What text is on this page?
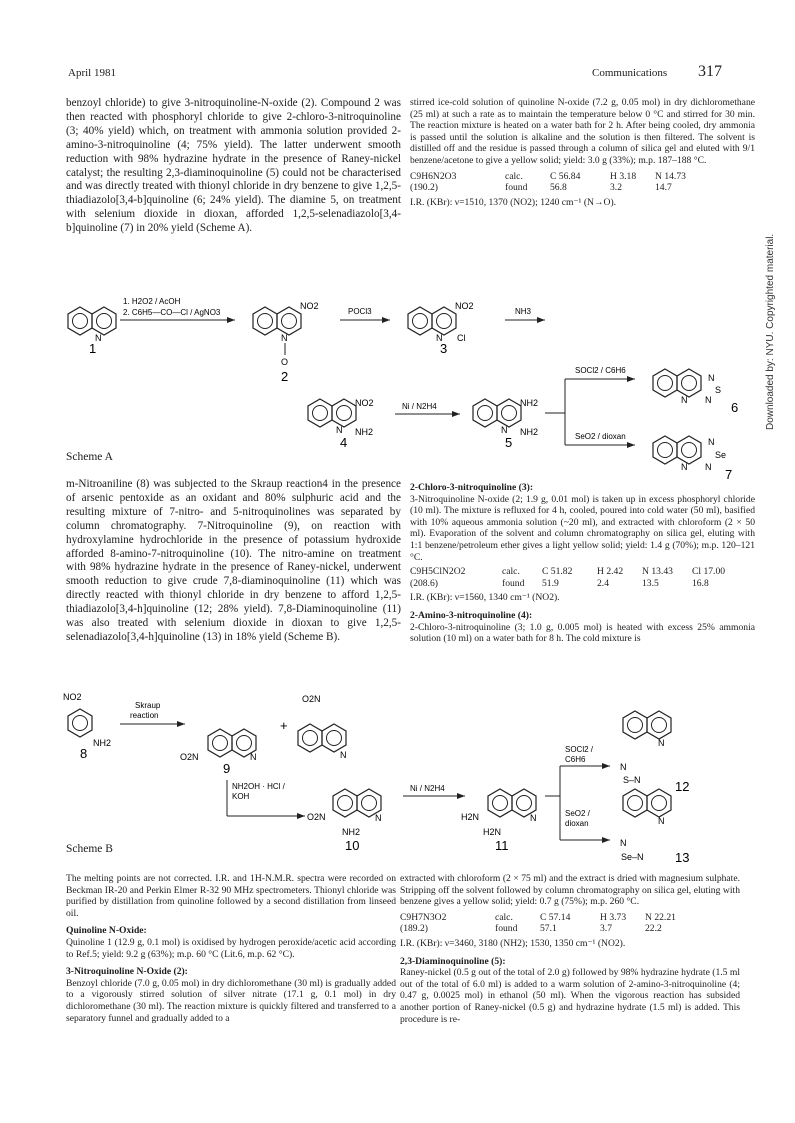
April 1981	Communications 317
Downloaded by: NYU. Copyrighted material.

benzoyl chloride) to give 3-nitroquinoline-N-oxide (2). Compound 2 was then reacted with phosphoryl chloride to give 2-chloro-3-nitroquinoline (3; 40% yield) which, on treatment with ammonia solution provided 2-amino-3-nitroquinoline (4; 75% yield). The latter underwent smooth reduction with 98% hydrazine hydrate in the presence of Raney-nickel catalyst; the resulting 2,3-diaminoquinoline (5) could not be characterised and was directly treated with thionyl chloride in dry benzene to give 1,2,5-thiadiazolo[3,4-b]quinoline (6; 24% yield). The diamine 5, on treatment with selenium dioxide in dioxan, afforded 1,2,5-selenadiazolo[3,4-b]quinoline (7) in 20% yield (Scheme A).

stirred ice-cold solution of quinoline N-oxide (7.2 g, 0.05 mol) in dry dichloromethane (25 ml) at such a rate as to maintain the temperature below 0 °C and stirred for 30 min. The reaction mixture is heated on a water bath for 2 h. After being cooled, dry ammonia is passed until the solution is alkaline and the solution is then filtered. The solvent is distilled off and the residue is passed through a column of silica gel and eluted with 9/1 benzene/acetone to give a yellow solid; yield: 3.0 g (33%); m.p. 187–188 °C.

C9H6N2O3	calc.	C 56.84	H 3.18	N 14.73
(190.2)	found	56.8	3.2	14.7

I.R. (KBr): ν=1510, 1370 (NO2); 1240 cm⁻¹ (N→O).

N
1
1. H2O2 / AcOH
2. C6H5—CO—Cl / AgNO3
NO2
N
O
2
POCl3
NO2
N Cl
3
NH3
NO2
N NH2
4
Ni / N2H4	NH2
N NH2
5
SOCl2 / C6H6
SeO2 / dioxan
N
N
S
N 6
N
N
Se
N 7
Scheme A

m-Nitroaniline (8) was subjected to the Skraup reaction4 in the presence of arsenic pentoxide as an oxidant and 80% sulphuric acid and the resulting mixture of 7-nitro- and 5-nitroquinolines was separated by column chromatography. 7-Nitroquinoline (9), on reaction with hydroxylamine hydrochloride in the presence of potassium hydroxide afforded 8-amino-7-nitroquinoline (10). The nitro-amine on treatment with 98% hydrazine hydrate in the presence of Raney-nickel, underwent smooth reduction to give crude 7,8-diaminoquinoline (11) which was directly reacted with thionyl chloride in dry benzene to afford 1,2,5-thiadiazolo[3,4-h]quinoline (12; 28% yield). 7,8-Diaminoquinoline (11) was also treated with selenium dioxide in dioxan to give 1,2,5-selenadiazolo[3,4-h]quinoline (13) in 18% yield (Scheme B).

2-Chloro-3-nitroquinoline (3):

3-Nitroquinoline N-oxide (2; 1.9 g, 0.01 mol) is taken up in excess phosphoryl chloride (10 ml). The mixture is refluxed for 4 h, cooled, poured into cold water (50 ml), basified with 10% aqueous ammonia solution (~20 ml), and extracted with chloroform (2 × 50 ml). Evaporation of the solvent and column chromatography on silica gel, eluting with 1:1 benzene/petroleum ether gives a light yellow solid; yield: 1.4 g (70%); m.p. 120–121 °C.

C9H5ClN2O2	calc.	C 51.82	H 2.42	N 13.43	Cl 17.00
(208.6)	found	51.9	2.4	13.5	16.8

I.R. (KBr): ν=1560, 1340 cm⁻¹ (NO2).

2-Amino-3-nitroquinoline (4):

2-Chloro-3-nitroquinoline (3; 1.0 g, 0.005 mol) is heated with excess 25% ammonia solution (10 ml) on a water bath for 8 h. The cold mixture is

NO2
NH2
8
Skraup
reaction
O2N	N
9
+
O2N
N
NH2OH · HCl /
KOH
O2N	N
NH2
10
Ni / N2H4
H2N	N
H2N
11
SOCl2 /
C6H6
SeO2 /
dioxan
N
N
S–N	12
N
N
Se–N 13
Scheme B

The melting points are not corrected. I.R. and 1H-N.M.R. spectra were recorded on Beckman IR-20 and Perkin Elmer R-32 90 MHz spectrometers. Thionyl chloride was purified by distillation from quinoline followed by a second distillation from linseed oil.

Quinoline N-Oxide:

Quinoline 1 (12.9 g, 0.1 mol) is oxidised by hydrogen peroxide/acetic acid according to Ref.5; yield: 9.2 g (63%); m.p. 60 °C (Lit.6, m.p. 62 °C).

3-Nitroquinoline N-Oxide (2):

Benzoyl chloride (7.0 g, 0.05 mol) in dry dichloromethane (30 ml) is gradually added to a vigorously stirred solution of silver nitrate (17.1 g, 0.1 mol) in dry dichloromethane (30 ml). The reaction mixture is quickly filtered and transferred to a separatory funnel and gradually added to a

extracted with chloroform (2 × 75 ml) and the extract is dried with magnesium sulphate. Stripping off the solvent followed by column chromatography on silica gel, eluting with benzene gives a yellow solid; yield: 0.7 g (75%); m.p. 260 °C.

C9H7N3O2	calc.	C 57.14	H 3.73	N 22.21
(189.2)	found	57.1	3.7	22.2

I.R. (KBr): ν=3460, 3180 (NH2); 1530, 1350 cm⁻¹ (NO2).

2,3-Diaminoquinoline (5):

Raney-nickel (0.5 g out of the total of 2.0 g) followed by 98% hydrazine hydrate (1.5 ml out of the total of 6.0 ml) is added to a warm solution of 2-amino-3-nitroquinoline (4; 0.47 g, 0.0025 mol) in ethanol (50 ml). When the vigorous reaction has subsided another portion of Raney-nickel (0.5 g) and hydrazine hydrate (1.5 ml) is added. This procedure is re-
